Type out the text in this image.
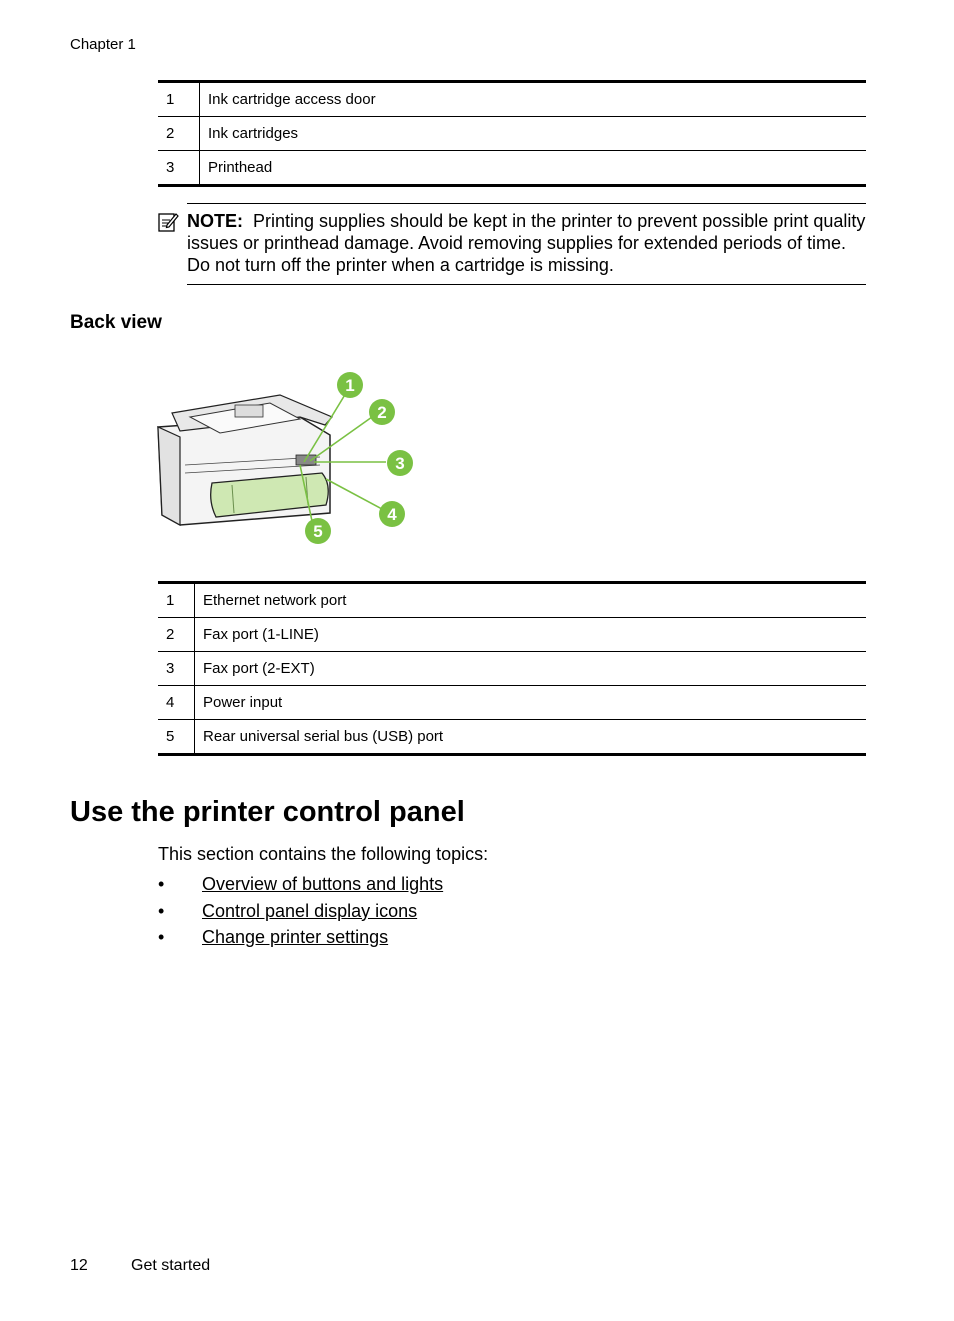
Chapter 1
1	Ink cartridge access door
2	Ink cartridges
3	Printhead
NOTE: Printing supplies should be kept in the printer to prevent possible print quality issues or printhead damage. Avoid removing supplies for extended periods of time. Do not turn off the printer when a cartridge is missing.
Back view
1
2
3
4
5
1	Ethernet network port
2	Fax port (1-LINE)
3	Fax port (2-EXT)
4	Power input
5	Rear universal serial bus (USB) port
Use the printer control panel
This section contains the following topics:
•	Overview of buttons and lights
•	Control panel display icons
•	Change printer settings
12	Get started
